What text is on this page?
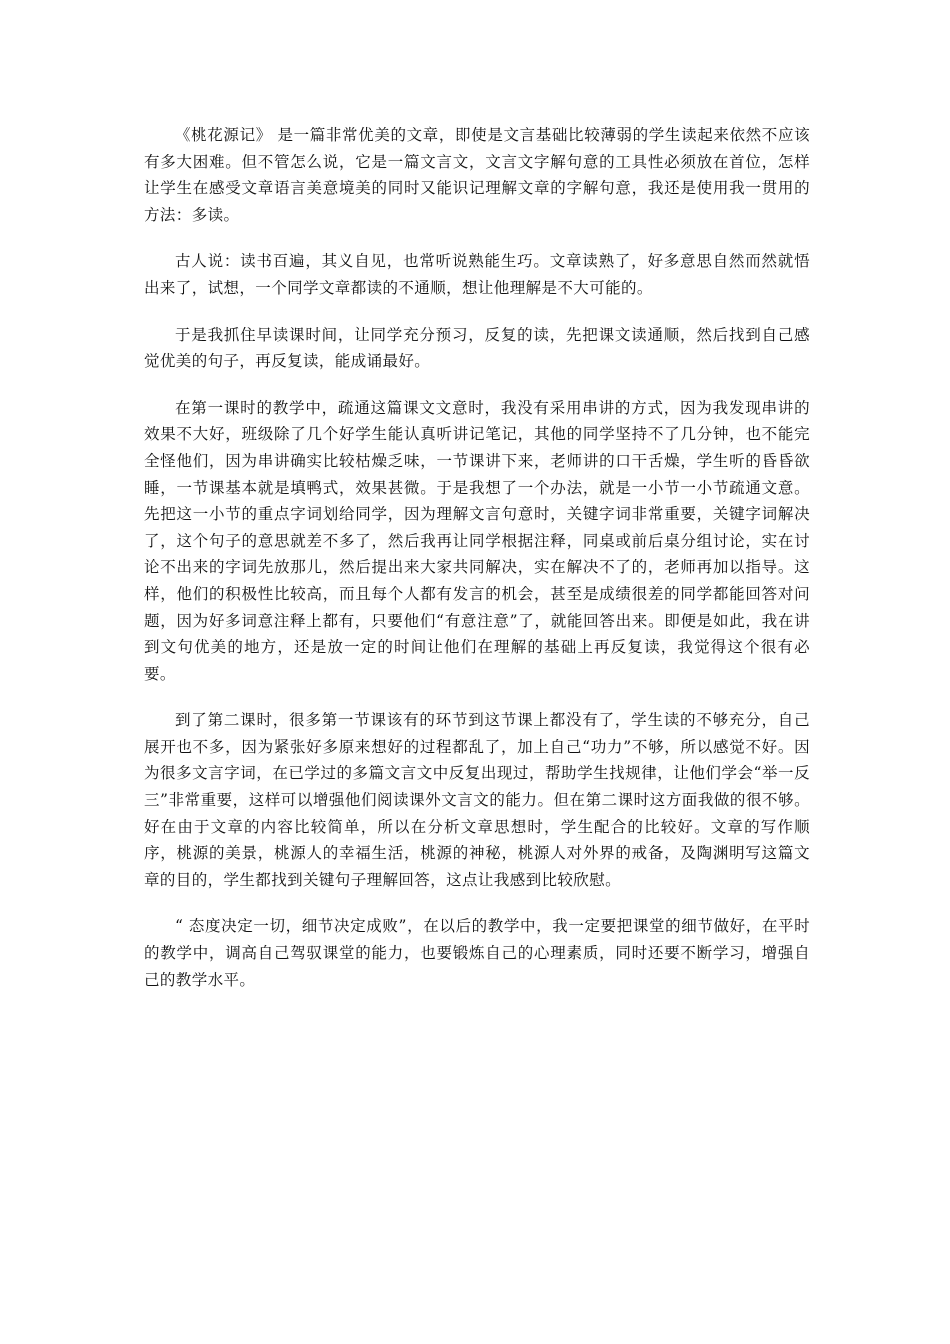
《桃花源记》 是一篇非常优美的文章，即使是文言基础比较薄弱的学生读起来依然不应该有多大困难。但不管怎么说，它是一篇文言文，文言文字解句意的工具性必须放在首位，怎样让学生在感受文章语言美意境美的同时又能识记理解文章的字解句意，我还是使用我一贯用的方法：多读。

古人说：读书百遍，其义自见，也常听说熟能生巧。文章读熟了，好多意思自然而然就悟出来了，试想，一个同学文章都读的不通顺，想让他理解是不大可能的。

于是我抓住早读课时间，让同学充分预习，反复的读，先把课文读通顺，然后找到自己感觉优美的句子，再反复读，能成诵最好。

在第一课时的教学中，疏通这篇课文文意时，我没有采用串讲的方式，因为我发现串讲的效果不大好，班级除了几个好学生能认真听讲记笔记，其他的同学坚持不了几分钟，也不能完全怪他们，因为串讲确实比较枯燥乏味，一节课讲下来，老师讲的口干舌燥，学生听的昏昏欲睡，一节课基本就是填鸭式，效果甚微。于是我想了一个办法，就是一小节一小节疏通文意。先把这一小节的重点字词划给同学，因为理解文言句意时，关键字词非常重要，关键字词解决了，这个句子的意思就差不多了，然后我再让同学根据注释，同桌或前后桌分组讨论，实在讨论不出来的字词先放那儿，然后提出来大家共同解决，实在解决不了的，老师再加以指导。这样，他们的积极性比较高，而且每个人都有发言的机会，甚至是成绩很差的同学都能回答对问题，因为好多词意注释上都有，只要他们“有意注意”了，就能回答出来。即便是如此，我在讲到文句优美的地方，还是放一定的时间让他们在理解的基础上再反复读，我觉得这个很有必要。

到了第二课时，很多第一节课该有的环节到这节课上都没有了，学生读的不够充分，自己展开也不多，因为紧张好多原来想好的过程都乱了，加上自己“功力”不够，所以感觉不好。因为很多文言字词，在已学过的多篇文言文中反复出现过，帮助学生找规律，让他们学会“举一反三”非常重要，这样可以增强他们阅读课外文言文的能力。但在第二课时这方面我做的很不够。好在由于文章的内容比较简单，所以在分析文章思想时，学生配合的比较好。文章的写作顺序，桃源的美景，桃源人的幸福生活，桃源的神秘，桃源人对外界的戒备，及陶渊明写这篇文章的目的，学生都找到关键句子理解回答，这点让我感到比较欣慰。

“ 态度决定一切，细节决定成败”，在以后的教学中，我一定要把课堂的细节做好，在平时的教学中，调高自己驾驭课堂的能力，也要锻炼自己的心理素质，同时还要不断学习，增强自己的教学水平。
